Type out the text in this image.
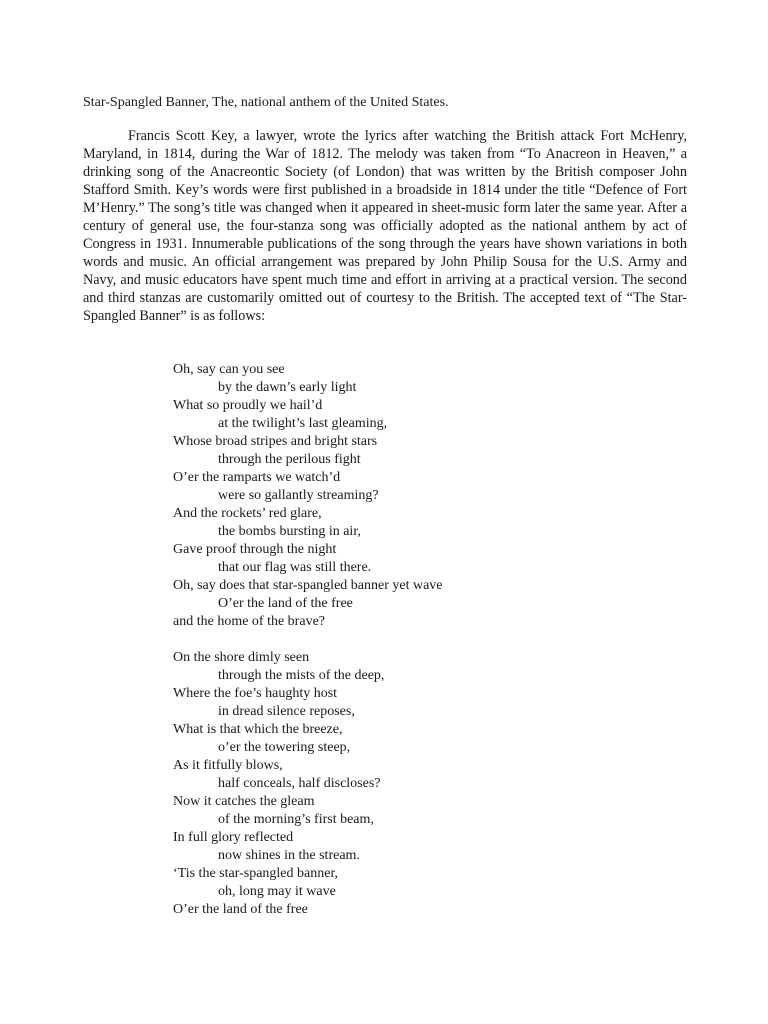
Star-Spangled Banner, The, national anthem of the United States.

Francis Scott Key, a lawyer, wrote the lyrics after watching the British attack Fort McHenry, Maryland, in 1814, during the War of 1812. The melody was taken from “To Anacreon in Heaven,” a drinking song of the Anacreontic Society (of London) that was written by the British composer John Stafford Smith. Key’s words were first published in a broadside in 1814 under the title “Defence of Fort M’Henry.” The song’s title was changed when it appeared in sheet-music form later the same year. After a century of general use, the four-stanza song was officially adopted as the national anthem by act of Congress in 1931. Innumerable publications of the song through the years have shown variations in both words and music. An official arrangement was prepared by John Philip Sousa for the U.S. Army and Navy, and music educators have spent much time and effort in arriving at a practical version. The second and third stanzas are customarily omitted out of courtesy to the British. The accepted text of “The Star-Spangled Banner” is as follows:

Oh, say can you see
by the dawn’s early light
What so proudly we hail’d
at the twilight’s last gleaming,
Whose broad stripes and bright stars
through the perilous fight
O’er the ramparts we watch’d
were so gallantly streaming?
And the rockets’ red glare,
the bombs bursting in air,
Gave proof through the night
that our flag was still there.
Oh, say does that star-spangled banner yet wave
O’er the land of the free
and the home of the brave?
On the shore dimly seen
through the mists of the deep,
Where the foe’s haughty host
in dread silence reposes,
What is that which the breeze,
o’er the towering steep,
As it fitfully blows,
half conceals, half discloses?
Now it catches the gleam
of the morning’s first beam,
In full glory reflected
now shines in the stream.
‘Tis the star-spangled banner,
oh, long may it wave
O’er the land of the free
